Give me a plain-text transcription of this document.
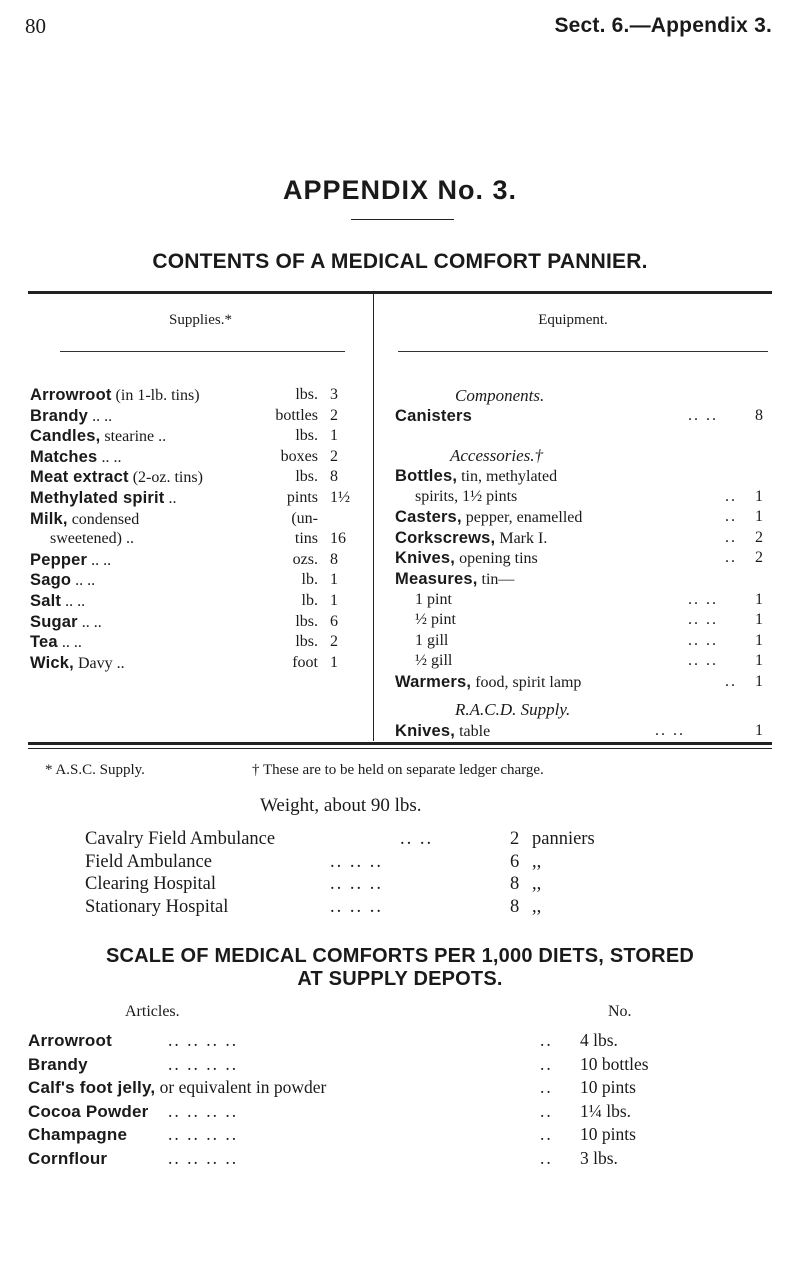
80	Sect. 6.—Appendix 3.
APPENDIX No. 3.
CONTENTS OF A MEDICAL COMFORT PANNIER.
Supplies.*	Equipment.
Arrowroot (in 1-lb. tins)	lbs. 3
Brandy .. ..	bottles 2
Candles, stearine ..	lbs. 1
Matches .. ..	boxes 2
Meat extract (2-oz. tins)	lbs. 8
Methylated spirit ..	pints 1½
Milk, condensed	(un-
sweetened) ..	tins 16
Pepper .. ..	ozs. 8
Sago .. ..	lb. 1
Salt .. ..	lb. 1
Sugar .. ..	lbs. 6
Tea .. ..	lbs. 2
Wick, Davy ..	foot 1
Components.
Canisters	.. .. 8
Accessories.†
Bottles, tin, methylated
spirits, 1½ pints	.. 1
Casters, pepper, enamelled	.. 1
Corkscrews, Mark I.	.. 2
Knives, opening tins	.. 2
Measures, tin—
1 pint	.. .. 1
½ pint	.. .. 1
1 gill	.. .. 1
½ gill	.. .. 1
Warmers, food, spirit lamp	.. 1
R.A.C.D. Supply.
Knives, table	.. ..	1
* A.S.C. Supply.	† These are to be held on separate ledger charge.
Weight, about 90 lbs.
Cavalry Field Ambulance	.. ..	2 panniers
Field Ambulance	.. .. ..	6 ,,
Clearing Hospital	.. .. ..	8 ,,
Stationary Hospital	.. .. ..	8 ,,
SCALE OF MEDICAL COMFORTS PER 1,000 DIETS, STORED
AT SUPPLY DEPOTS.
Articles.	No.
Arrowroot	.. .. .. ..	.. 4 lbs.
Brandy	.. .. .. ..	.. 10 bottles
Calf's foot jelly, or equivalent in powder	.. 10 pints
Cocoa Powder .. .. .. ..	.. 1¼ lbs.
Champagne .. .. .. ..	.. 10 pints
Cornflour	.. .. .. ..	.. 3 lbs.
